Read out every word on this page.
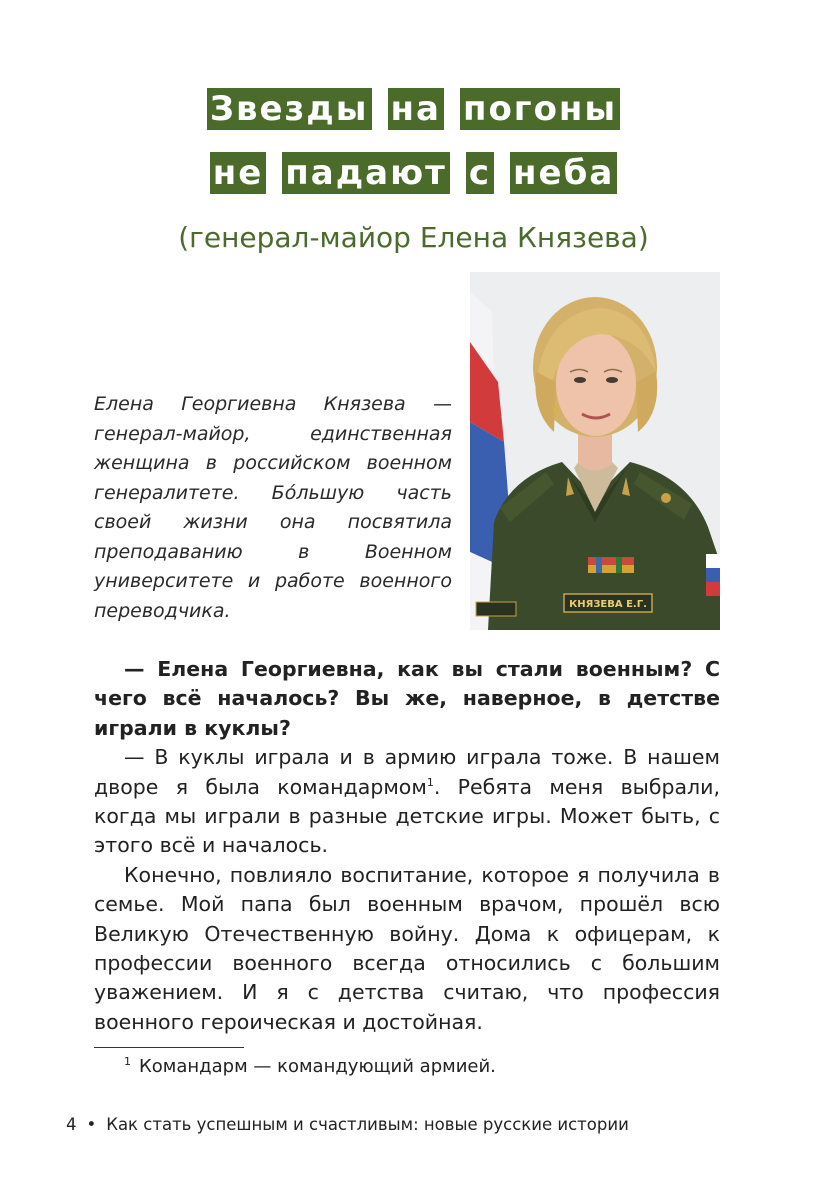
Звезды на погоны
не падают с неба
(генерал-майор Елена Князева)
Елена Георгиевна Князева — генерал-майор, единственная женщина в российском военном генералитете. Бо́льшую часть своей жизни она посвятила преподаванию в Военном университете и работе военного переводчика.	КНЯЗЕВА Е.Г.

— Елена Георгиевна, как вы стали военным? С чего всё началось? Вы же, наверное, в детстве играли в куклы?

— В куклы играла и в армию играла тоже. В нашем дворе я была командармом$^1$. Ребята меня выбрали, когда мы играли в разные детские игры. Может быть, с этого всё и началось.

Конечно, повлияло воспитание, которое я получила в семье. Мой папа был военным врачом, прошёл всю Великую Отечественную войну. Дома к офицерам, к профессии военного всегда относились с большим уважением. И я с детства считаю, что профессия военного героическая и достойная.

$^1$ Командарм — командующий армией.
4 • Как стать успешным и счастливым: новые русские истории
